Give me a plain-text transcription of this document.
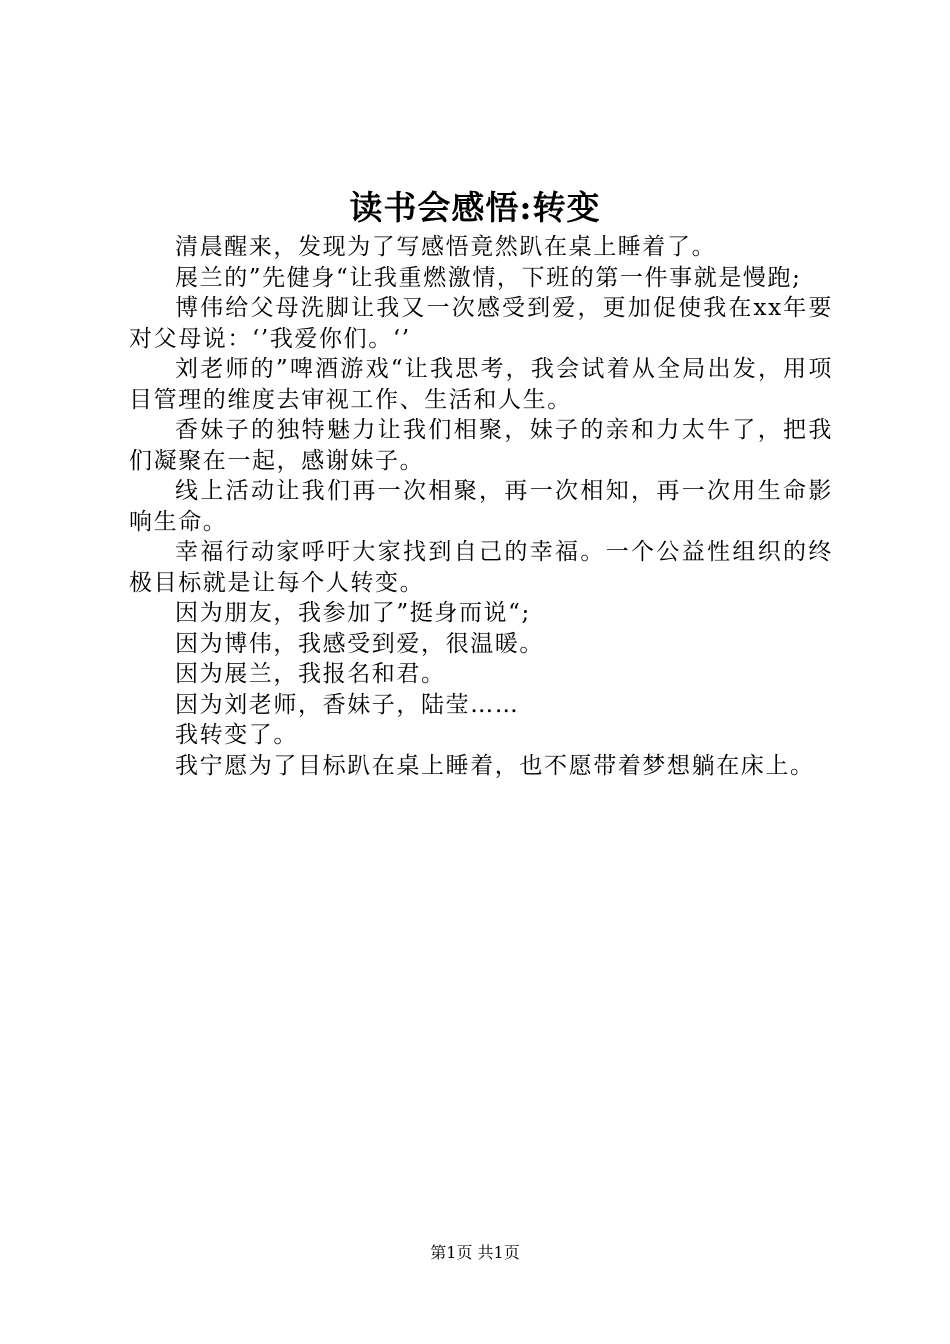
读书会感悟:转变

清晨醒来，发现为了写感悟竟然趴在桌上睡着了。

展兰的”先健身“让我重燃激情，下班的第一件事就是慢跑;

博伟给父母洗脚让我又一次感受到爱，更加促使我在xx年要对父母说：‘’我爱你们。‘’

刘老师的”啤酒游戏“让我思考，我会试着从全局出发，用项目管理的维度去审视工作、生活和人生。

香妹子的独特魅力让我们相聚，妹子的亲和力太牛了，把我们凝聚在一起，感谢妹子。

线上活动让我们再一次相聚，再一次相知，再一次用生命影响生命。

幸福行动家呼吁大家找到自己的幸福。一个公益性组织的终极目标就是让每个人转变。

因为朋友，我参加了”挺身而说“;

因为博伟，我感受到爱，很温暖。

因为展兰，我报名和君。

因为刘老师，香妹子，陆莹……

我转变了。

我宁愿为了目标趴在桌上睡着，也不愿带着梦想躺在床上。

第1页 共1页
